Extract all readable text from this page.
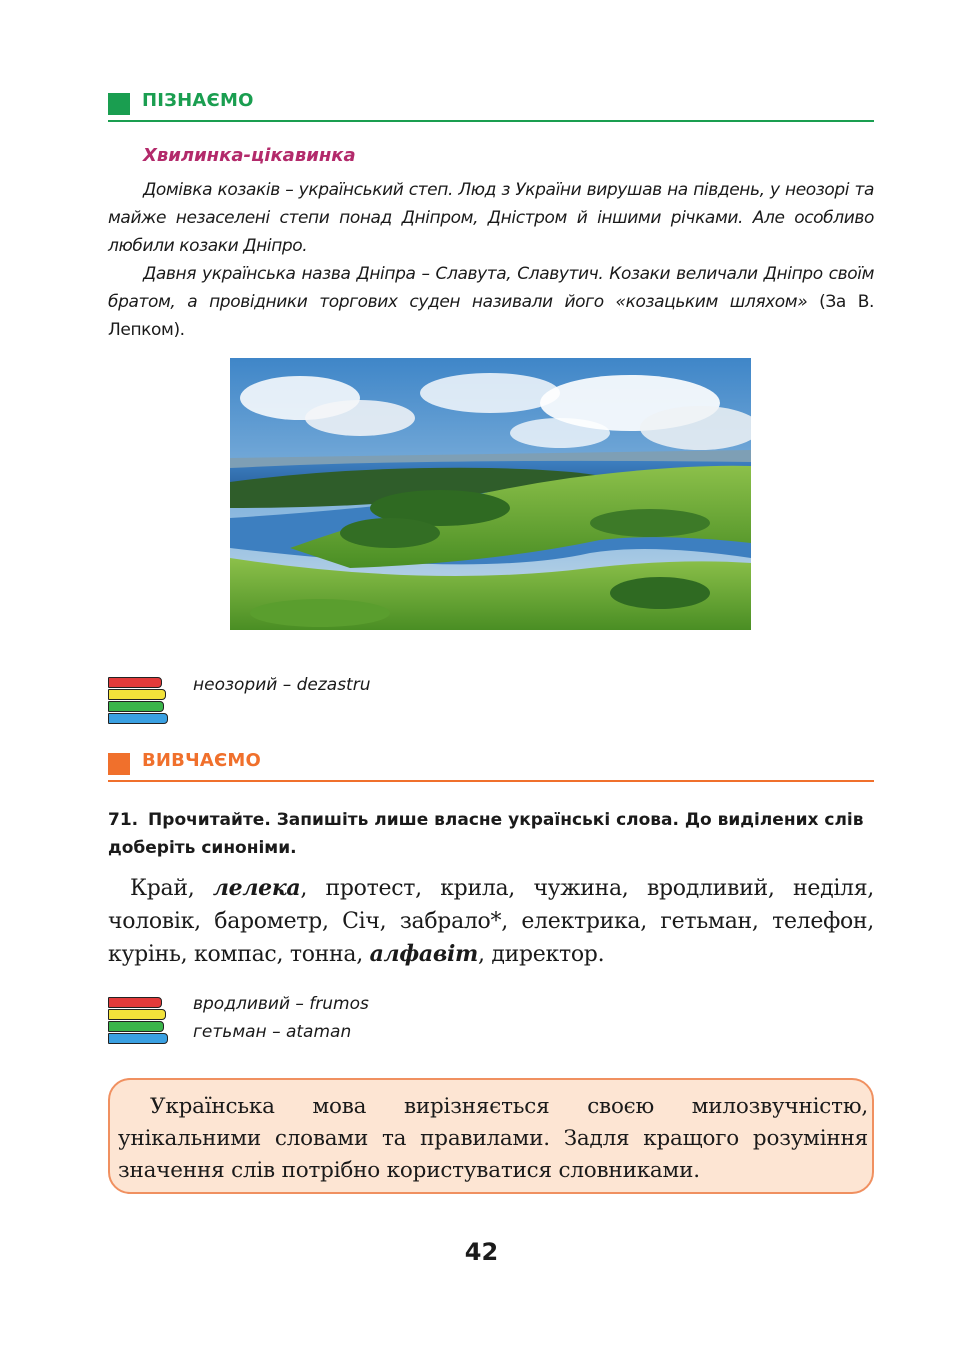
ПІЗНАЄМО
Хвилинка-цікавинка

Домівка козаків – український степ. Люд з України вирушав на південь, у неозорі та майже незаселені степи понад Дніпром, Дністром й іншими річками. Але особливо любили козаки Дніпро.

Давня українська назва Дніпра – Славута, Славутич. Козаки величали Дніпро своїм братом, а провідники торгових суден називали його «козацьким шляхом» (За В. Лепком).

неозорий – dezastru
ВИВЧАЄМО

71. Прочитайте. Запишіть лише власне українські слова. До виділених слів доберіть синоніми.

Край, лелека, протест, крила, чужина, вродливий, неділя, чоловік, барометр, Січ, забрало*, електрика, гетьман, телефон, курінь, компас, тонна, алфавіт, директор.

вродливий – frumos
гетьман – ataman

Українська мова вирізняється своєю милозвучністю, унікальними словами та правилами. Задля кращого розуміння значення слів потрібно користуватися словниками.

42
